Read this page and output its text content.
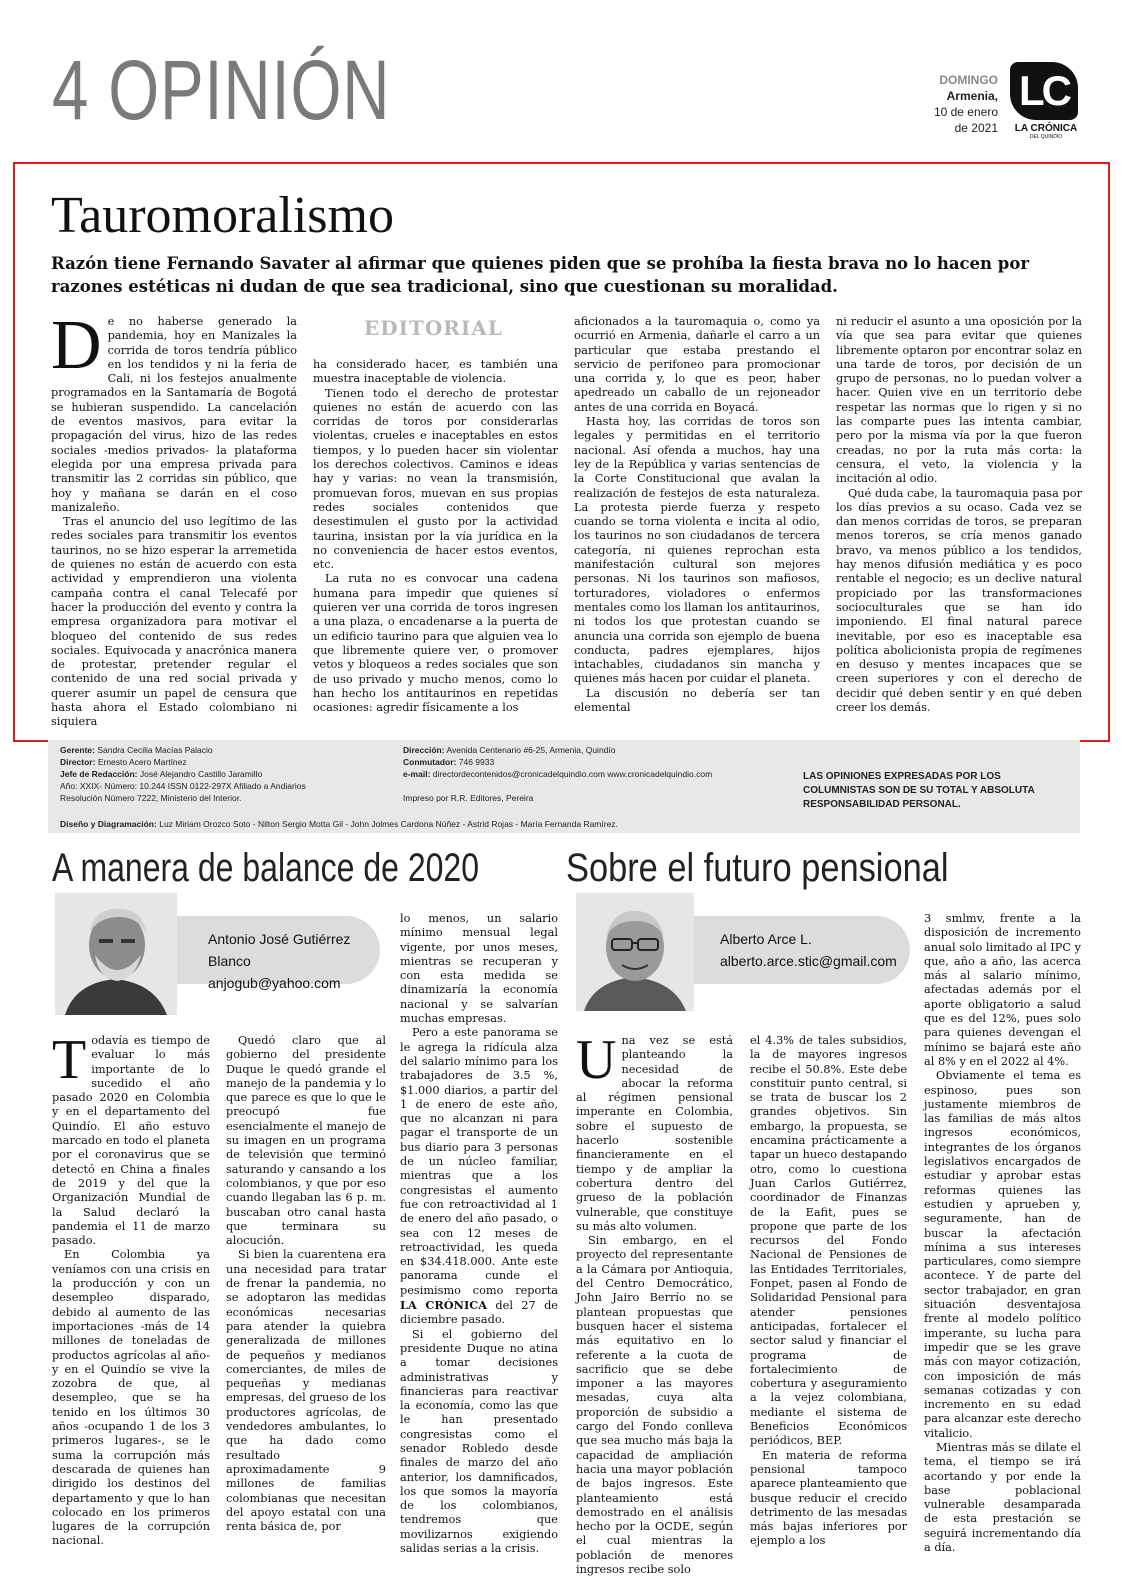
4 OPINIÓN	DOMINGO
Armenia,
10 de enero
de 2021
LC
LA CRÓNICA
DEL QUINDÍO
Tauromoralismo
Razón tiene Fernando Savater al afirmar que quienes piden que se prohíba la fiesta brava no lo hacen por razones estéticas ni dudan de que sea tradicional, sino que cuestionan su moralidad.
EDITORIAL

De no haberse generado la pandemia, hoy en Manizales la corrida de toros tendría público en los tendidos y ni la feria de Cali, ni los festejos anualmente programados en la Santamaría de Bogotá se hubieran suspendido. La cancelación de eventos masivos, para evitar la propagación del virus, hizo de las redes sociales -medios privados- la plataforma elegida por una empresa privada para transmitir las 2 corridas sin público, que hoy y mañana se darán en el coso manizaleño.

Tras el anuncio del uso legítimo de las redes sociales para transmitir los eventos taurinos, no se hizo esperar la arremetida de quienes no están de acuerdo con esta actividad y emprendieron una violenta campaña contra el canal Telecafé por hacer la producción del evento y contra la empresa organizadora para motivar el bloqueo del contenido de sus redes sociales. Equivocada y anacrónica manera de protestar, pretender regular el contenido de una red social privada y querer asumir un papel de censura que hasta ahora el Estado colombiano ni siquiera

ha considerado hacer, es también una muestra inaceptable de violencia.

Tienen todo el derecho de protestar quienes no están de acuerdo con las corridas de toros por considerarlas violentas, crueles e inaceptables en estos tiempos, y lo pueden hacer sin violentar los derechos colectivos. Caminos e ideas hay y varias: no vean la transmisión, promuevan foros, muevan en sus propias redes sociales contenidos que desestimulen el gusto por la actividad taurina, insistan por la vía jurídica en la no conveniencia de hacer estos eventos, etc.

La ruta no es convocar una cadena humana para impedir que quienes sí quieren ver una corrida de toros ingresen a una plaza, o encadenarse a la puerta de un edificio taurino para que alguien vea lo que libremente quiere ver, o promover vetos y bloqueos a redes sociales que son de uso privado y mucho menos, como lo han hecho los antitaurinos en repetidas ocasiones: agredir físicamente a los

aficionados a la tauromaquia o, como ya ocurrió en Armenia, dañarle el carro a un particular que estaba prestando el servicio de perifoneo para promocionar una corrida y, lo que es peor, haber apedreado un caballo de un rejoneador antes de una corrida en Boyacá.

Hasta hoy, las corridas de toros son legales y permitidas en el territorio nacional. Así ofenda a muchos, hay una ley de la República y varias sentencias de la Corte Constitucional que avalan la realización de festejos de esta naturaleza. La protesta pierde fuerza y respeto cuando se torna violenta e incita al odio, los taurinos no son ciudadanos de tercera categoría, ni quienes reprochan esta manifestación cultural son mejores personas. Ni los taurinos son mafiosos, torturadores, violadores o enfermos mentales como los llaman los antitaurinos, ni todos los que protestan cuando se anuncia una corrida son ejemplo de buena conducta, padres ejemplares, hijos intachables, ciudadanos sin mancha y quienes más hacen por cuidar el planeta.

La discusión no debería ser tan elemental

ni reducir el asunto a una oposición por la vía que sea para evitar que quienes libremente optaron por encontrar solaz en una tarde de toros, por decisión de un grupo de personas, no lo puedan volver a hacer. Quien vive en un territorio debe respetar las normas que lo rigen y si no las comparte pues las intenta cambiar, pero por la misma vía por la que fueron creadas, no por la ruta más corta: la censura, el veto, la violencia y la incitación al odio.

Qué duda cabe, la tauromaquia pasa por los días previos a su ocaso. Cada vez se dan menos corridas de toros, se preparan menos toreros, se cría menos ganado bravo, va menos público a los tendidos, hay menos difusión mediática y es poco rentable el negocio; es un declive natural propiciado por las transformaciones socioculturales que se han ido imponiendo. El final natural parece inevitable, por eso es inaceptable esa política abolicionista propia de regímenes en desuso y mentes incapaces que se creen superiores y con el derecho de decidir qué deben sentir y en qué deben creer los demás.

Gerente: Sandra Cecilia Macías Palacio
Director: Ernesto Acero Martínez
Jefe de Redacción: José Alejandro Castillo Jaramillo
Año: XXIX- Número: 10.244 ISSN 0122-297X Afiliado a Andiarios
Resolución Número 7222, Ministerio del Interior.
Dirección: Avenida Centenario #6-25, Armenia, Quindío
Conmutador: 746 9933
e-mail: directordecontenidos@cronicadelquindio.com www.cronicadelquindio.com
Impreso por R.R. Editores, Pereira
LAS OPINIONES EXPRESADAS POR LOS COLUMNISTAS SON DE SU TOTAL Y ABSOLUTA RESPONSABILIDAD PERSONAL.
Diseño y Diagramación: Luz Miriam Orozco Soto - Nilton Sergio Motta Gil - John Jolmes Cardona Núñez - Astrid Rojas - María Fernanda Ramírez.
A manera de balance de 2020
Antonio José Gutiérrez Blanco
anjogub@yahoo.com

Todavía es tiempo de evaluar lo más importante de lo sucedido el año pasado 2020 en Colombia y en el departamento del Quindío. El año estuvo marcado en todo el planeta por el coronavirus que se detectó en China a finales de 2019 y del que la Organización Mundial de la Salud declaró la pandemia el 11 de marzo pasado.

En Colombia ya veníamos con una crisis en la producción y con un desempleo disparado, debido al aumento de las importaciones -más de 14 millones de toneladas de productos agrícolas al año- y en el Quindío se vive la zozobra de que, al desempleo, que se ha tenido en los últimos 30 años -ocupando 1 de los 3 primeros lugares-, se le suma la corrupción más descarada de quienes han dirigido los destinos del departamento y que lo han colocado en los primeros lugares de la corrupción nacional.

Quedó claro que al gobierno del presidente Duque le quedó grande el manejo de la pandemia y lo que parece es que lo que le preocupó fue esencialmente el manejo de su imagen en un programa de televisión que terminó saturando y cansando a los colombianos, y que por eso cuando llegaban las 6 p. m. buscaban otro canal hasta que terminara su alocución.

Si bien la cuarentena era una necesidad para tratar de frenar la pandemia, no se adoptaron las medidas económicas necesarias para atender la quiebra generalizada de millones de pequeños y medianos comerciantes, de miles de pequeñas y medianas empresas, del grueso de los productores agrícolas, de vendedores ambulantes, lo que ha dado como resultado aproximadamente 9 millones de familias colombianas que necesitan del apoyo estatal con una renta básica de, por

lo menos, un salario mínimo mensual legal vigente, por unos meses, mientras se recuperan y con esta medida se dinamizaría la economía nacional y se salvarían muchas empresas.

Pero a este panorama se le agrega la ridícula alza del salario mínimo para los trabajadores de 3.5 %, $1.000 diarios, a partir del 1 de enero de este año, que no alcanzan ni para pagar el transporte de un bus diario para 3 personas de un núcleo familiar, mientras que a los congresistas el aumento fue con retroactividad al 1 de enero del año pasado, o sea con 12 meses de retroactividad, les queda en $34.418.000. Ante este panorama cunde el pesimismo como reporta LA CRÓNICA del 27 de diciembre pasado.

Si el gobierno del presidente Duque no atina a tomar decisiones administrativas y financieras para reactivar la economía, como las que le han presentado congresistas como el senador Robledo desde finales de marzo del año anterior, los damnificados, los que somos la mayoría de los colombianos, tendremos que movilizarnos exigiendo salidas serias a la crisis.

Sobre el futuro pensional
Alberto Arce L.
alberto.arce.stic@gmail.com

Una vez se está planteando la necesidad de abocar la reforma al régimen pensional imperante en Colombia, sobre el supuesto de hacerlo sostenible financieramente en el tiempo y de ampliar la cobertura dentro del grueso de la población vulnerable, que constituye su más alto volumen.

Sin embargo, en el proyecto del representante a la Cámara por Antioquia, del Centro Democrático, John Jairo Berrío no se plantean propuestas que busquen hacer el sistema más equitativo en lo referente a la cuota de sacrificio que se debe imponer a las mayores mesadas, cuya alta proporción de subsidio a cargo del Fondo conlleva que sea mucho más baja la capacidad de ampliación hacia una mayor población de bajos ingresos. Este planteamiento está demostrado en el análisis hecho por la OCDE, según el cual mientras la población de menores ingresos recibe solo

el 4.3% de tales subsidios, la de mayores ingresos recibe el 50.8%. Este debe constituir punto central, si se trata de buscar los 2 grandes objetivos. Sin embargo, la propuesta, se encamina prácticamente a tapar un hueco destapando otro, como lo cuestiona Juan Carlos Gutiérrez, coordinador de Finanzas de la Eafit, pues se propone que parte de los recursos del Fondo Nacional de Pensiones de las Entidades Territoriales, Fonpet, pasen al Fondo de Solidaridad Pensional para atender pensiones anticipadas, fortalecer el sector salud y financiar el programa de fortalecimiento de cobertura y aseguramiento a la vejez colombiana, mediante el sistema de Beneficios Económicos periódicos, BEP.

En materia de reforma pensional tampoco aparece planteamiento que busque reducir el crecido detrimento de las mesadas más bajas inferiores por ejemplo a los

3 smlmv, frente a la disposición de incremento anual solo limitado al IPC y que, año a año, las acerca más al salario mínimo, afectadas además por el aporte obligatorio a salud que es del 12%, pues solo para quienes devengan el mínimo se bajará este año al 8% y en el 2022 al 4%.

Obviamente el tema es espinoso, pues son justamente miembros de las familias de más altos ingresos económicos, integrantes de los órganos legislativos encargados de estudiar y aprobar estas reformas quienes las estudien y aprueben y, seguramente, han de buscar la afectación mínima a sus intereses particulares, como siempre acontece. Y de parte del sector trabajador, en gran situación desventajosa frente al modelo político imperante, su lucha para impedir que se les grave más con mayor cotización, con imposición de más semanas cotizadas y con incremento en su edad para alcanzar este derecho vitalicio.

Mientras más se dilate el tema, el tiempo se irá acortando y por ende la base poblacional vulnerable desamparada de esta prestación se seguirá incrementando día a día.
